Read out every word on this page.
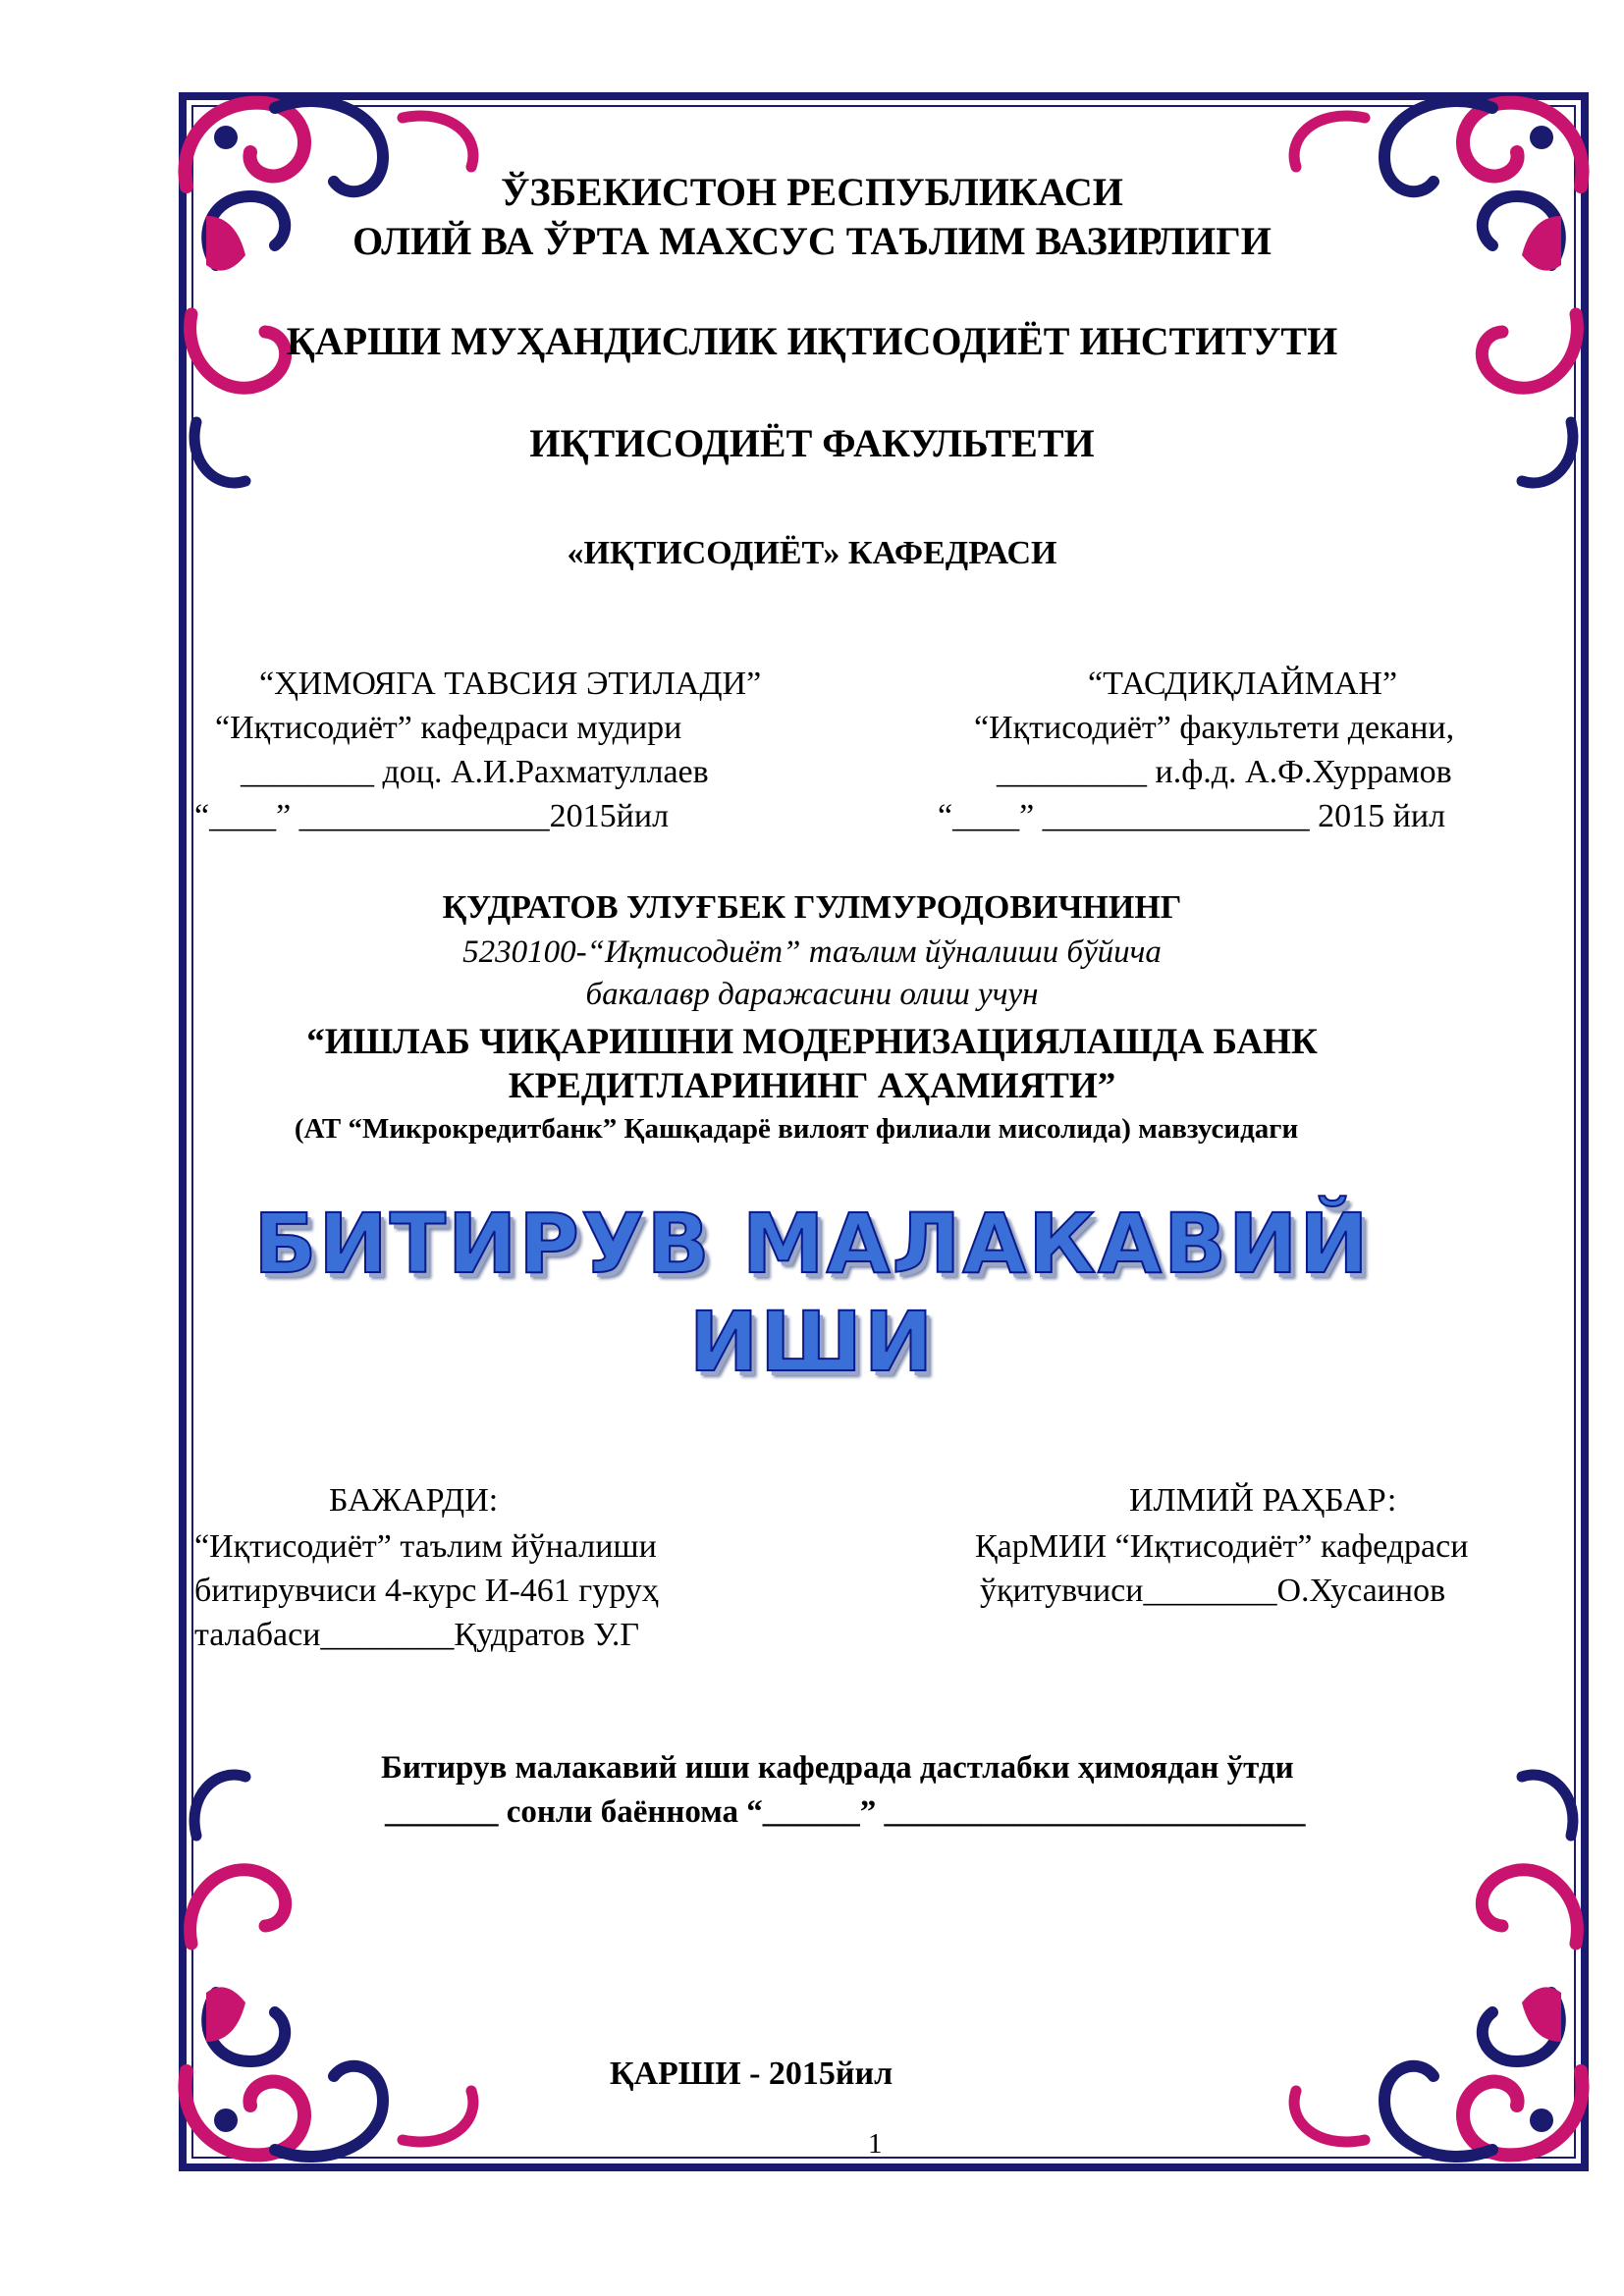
ЎЗБЕКИСТОН РЕСПУБЛИКАСИ
ОЛИЙ ВА ЎРТА МАХСУС ТАЪЛИМ ВАЗИРЛИГИ
ҚАРШИ МУҲАНДИСЛИК ИҚТИСОДИЁТ ИНСТИТУТИ
ИҚТИСОДИЁТ ФАКУЛЬТЕТИ
«ИҚТИСОДИЁТ» КАФЕДРАСИ
“ҲИМОЯГА ТАВСИЯ ЭТИЛАДИ”
“Иқтисодиёт” кафедраси мудири
________ доц. А.И.Рахматуллаев
“____” _______________2015йил
“ТАСДИҚЛАЙМАН”
“Иқтисодиёт” факультети декани,
_________ и.ф.д. А.Ф.Хуррамов
“____” ________________ 2015 йил
ҚУДРАТОВ УЛУҒБЕК ГУЛМУРОДОВИЧНИНГ
5230100-“Иқтисодиёт” таълим йўналиши бўйича
бакалавр даражасини олиш учун
“ИШЛАБ ЧИҚАРИШНИ МОДЕРНИЗАЦИЯЛАШДА БАНК
КРЕДИТЛАРИНИНГ АҲАМИЯТИ”
(АТ “Микрокредитбанк” Қашқадарё вилоят филиали мисолида) мавзусидаги
БИТИРУВ МАЛАКАВИЙ
ИШИ
БАЖАРДИ:
“Иқтисодиёт” таълим йўналиши
битирувчиси 4-курс И-461 гуруҳ
талабаси________Қудратов У.Г
ИЛМИЙ РАҲБАР:
ҚарМИИ “Иқтисодиёт” кафедраси
ўқитувчиси________О.Хусаинов
Битирув малакавий иши кафедрада дастлабки ҳимоядан ўтди
_______ сонли баённома “______” __________________________
ҚАРШИ - 2015йил
1
